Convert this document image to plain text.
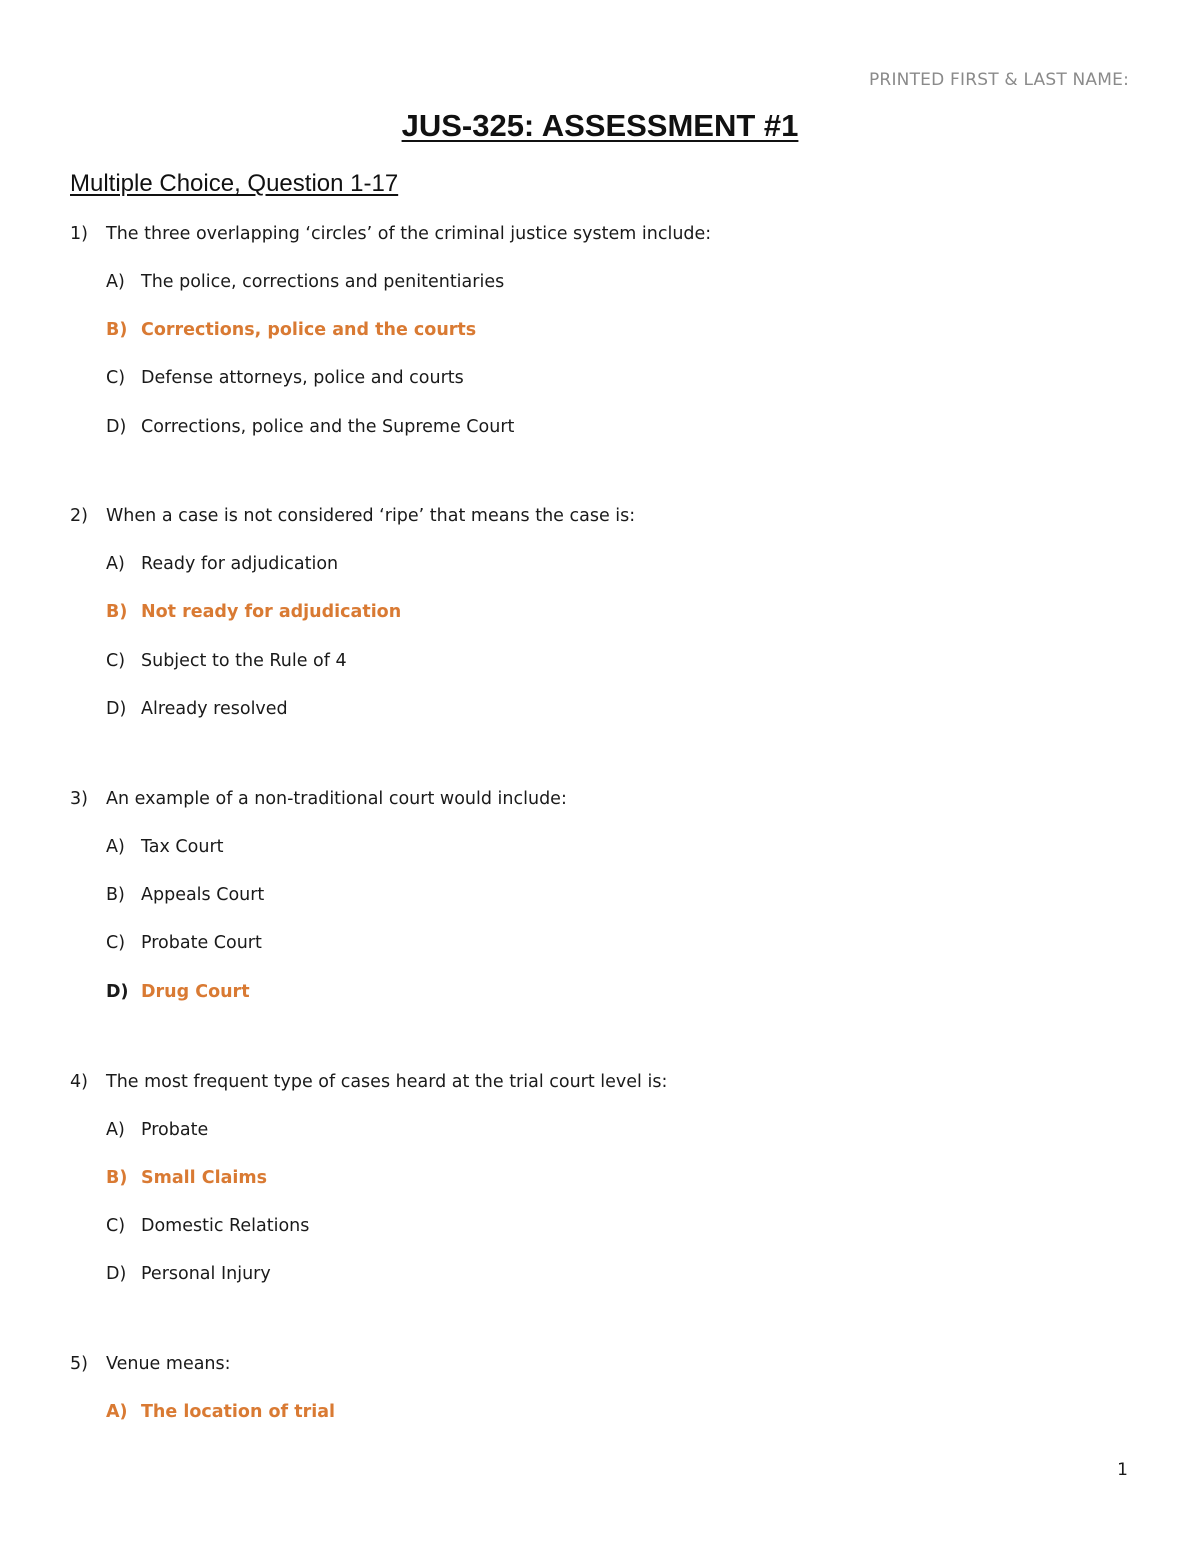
PRINTED FIRST & LAST NAME:
JUS-325: ASSESSMENT #1
Multiple Choice, Question 1-17
1) The three overlapping ‘circles’ of the criminal justice system include:
A) The police, corrections and penitentiaries
B) Corrections, police and the courts
C) Defense attorneys, police and courts
D) Corrections, police and the Supreme Court
2) When a case is not considered ‘ripe’ that means the case is:
A) Ready for adjudication
B) Not ready for adjudication
C) Subject to the Rule of 4
D) Already resolved
3) An example of a non-traditional court would include:
A) Tax Court
B) Appeals Court
C) Probate Court
D) Drug Court
4) The most frequent type of cases heard at the trial court level is:
A) Probate
B) Small Claims
C) Domestic Relations
D) Personal Injury
5) Venue means:
A) The location of trial
1
